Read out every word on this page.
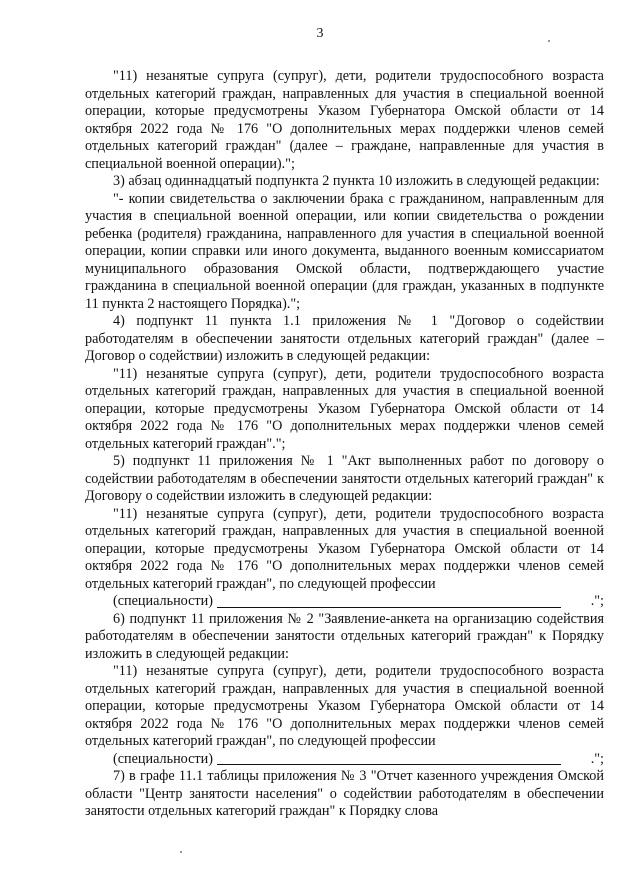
3

"11) незанятые супруга (супруг), дети, родители трудоспособного возраста отдельных категорий граждан, направленных для участия в специальной военной операции, которые предусмотрены Указом Губернатора Омской области от 14 октября 2022 года № 176 "О дополнительных мерах поддержки членов семей отдельных категорий граждан" (далее – граждане, направленные для участия в специальной военной операции).";

3) абзац одиннадцатый подпункта 2 пункта 10 изложить в следующей редакции:

"- копии свидетельства о заключении брака с гражданином, направленным для участия в специальной военной операции, или копии свидетельства о рождении ребенка (родителя) гражданина, направленного для участия в специальной военной операции, копии справки или иного документа, выданного военным комиссариатом муниципального образования Омской области, подтверждающего участие гражданина в специальной военной операции (для граждан, указанных в подпункте 11 пункта 2 настоящего Порядка).";

4) подпункт 11 пункта 1.1 приложения № 1 "Договор о содействии работодателям в обеспечении занятости отдельных категорий граждан" (далее – Договор о содействии) изложить в следующей редакции:

"11) незанятые супруга (супруг), дети, родители трудоспособного возраста отдельных категорий граждан, направленных для участия в специальной военной операции, которые предусмотрены Указом Губернатора Омской области от 14 октября 2022 года № 176 "О дополнительных мерах поддержки членов семей отдельных категорий граждан".";

5) подпункт 11 приложения № 1 "Акт выполненных работ по договору о содействии работодателям в обеспечении занятости отдельных категорий граждан" к Договору о содействии изложить в следующей редакции:

"11) незанятые супруга (супруг), дети, родители трудоспособного возраста отдельных категорий граждан, направленных для участия в специальной военной операции, которые предусмотрены Указом Губернатора Омской области от 14 октября 2022 года № 176 "О дополнительных мерах поддержки членов семей отдельных категорий граждан", по следующей профессии

(специальности)	.";

6) подпункт 11 приложения № 2 "Заявление-анкета на организацию содействия работодателям в обеспечении занятости отдельных категорий граждан" к Порядку изложить в следующей редакции:

"11) незанятые супруга (супруг), дети, родители трудоспособного возраста отдельных категорий граждан, направленных для участия в специальной военной операции, которые предусмотрены Указом Губернатора Омской области от 14 октября 2022 года № 176 "О дополнительных мерах поддержки членов семей отдельных категорий граждан", по следующей профессии

(специальности)	.";

7) в графе 11.1 таблицы приложения № 3 "Отчет казенного учреждения Омской области "Центр занятости населения" о содействии работодателям в обеспечении занятости отдельных категорий граждан" к Порядку слова
